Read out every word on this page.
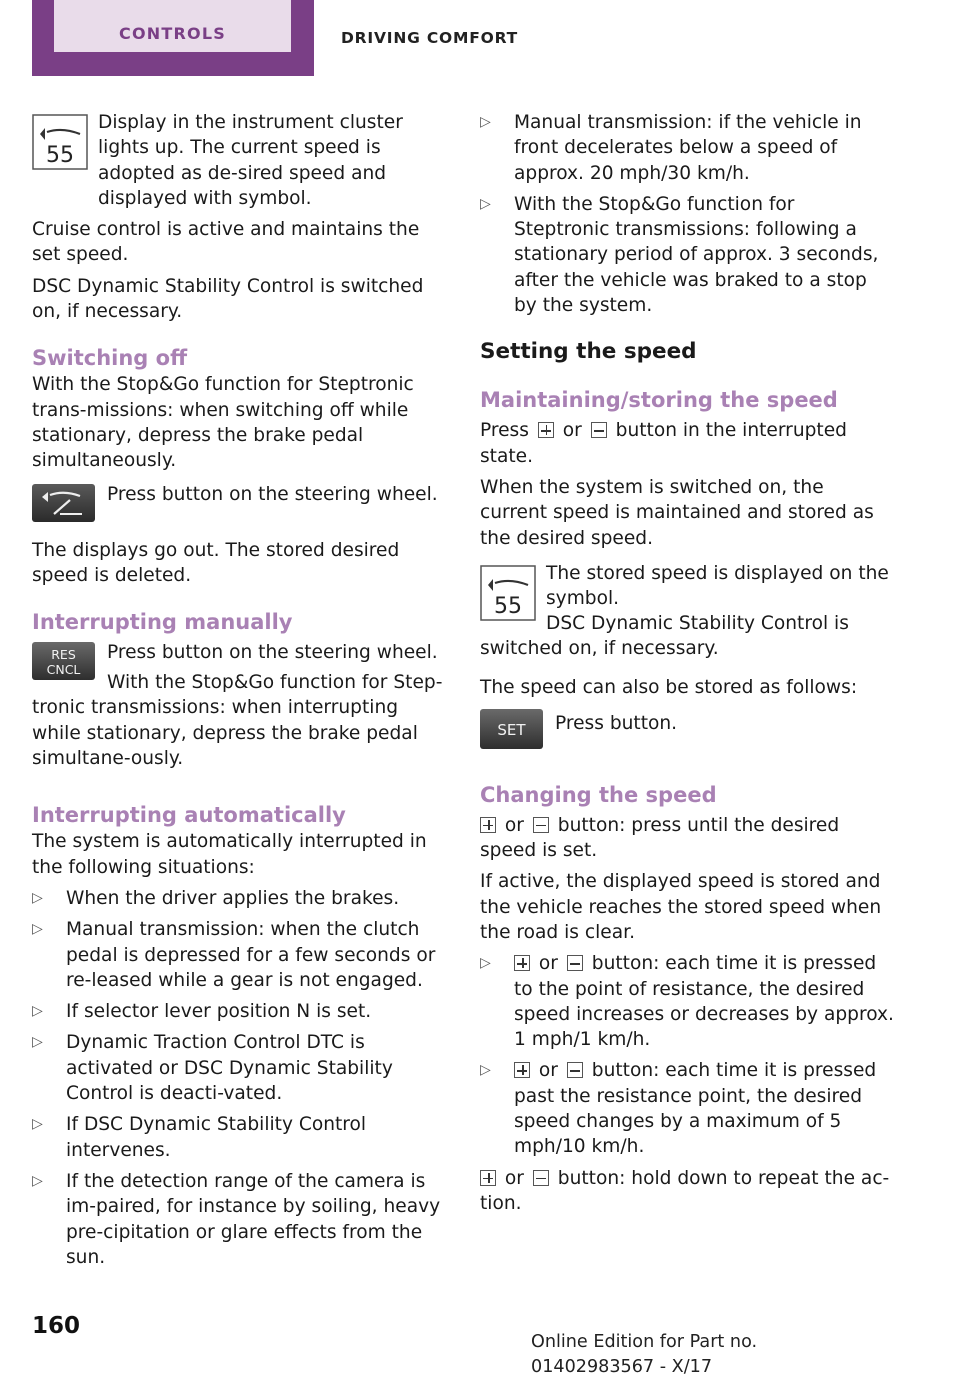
CONTROLS	DRIVING COMFORT
55

Display in the instrument cluster lights up. The current speed is adopted as de‐sired speed and displayed with symbol.

Cruise control is active and maintains the set speed.

DSC Dynamic Stability Control is switched on, if necessary.

Switching off

With the Stop&Go function for Steptronic trans‐missions: when switching off while stationary, depress the brake pedal simultaneously.

Press button on the steering wheel.

The displays go out. The stored desired speed is deleted.

Interrupting manually
RES
CNCL

Press button on the steering wheel.

With the Stop&Go function for Step‐tronic transmissions: when interrupting while stationary, depress the brake pedal simultane‐ously.

Interrupting automatically

The system is automatically interrupted in the following situations:

▷ When the driver applies the brakes.
▷ Manual transmission: when the clutch pedal is depressed for a few seconds or re‐leased while a gear is not engaged.
▷ If selector lever position N is set.
▷ Dynamic Traction Control DTC is activated or DSC Dynamic Stability Control is deacti‐vated.
▷ If DSC Dynamic Stability Control intervenes.
▷ If the detection range of the camera is im‐paired, for instance by soiling, heavy pre‐cipitation or glare effects from the sun.
▷ Manual transmission: if the vehicle in front decelerates below a speed of approx. 20 mph/30 km/h.
▷ With the Stop&Go function for Steptronic transmissions: following a stationary period of approx. 3 seconds, after the vehicle was braked to a stop by the system.
Setting the speed
Maintaining/storing the speed

Press or button in the interrupted state.

When the system is switched on, the current speed is maintained and stored as the desired speed.

55

The stored speed is displayed on the symbol.

DSC Dynamic Stability Control is switched on, if necessary.

The speed can also be stored as follows:

SET Press button.

Changing the speed

or button: press until the desired speed is set.

If active, the displayed speed is stored and the vehicle reaches the stored speed when the road is clear.

▷	or button: each time it is pressed to the point of resistance, the desired speed increases or decreases by approx. 1 mph/1 km/h.
▷	or button: each time it is pressed past the resistance point, the desired speed changes by a maximum of 5 mph/10 km/h.

or button: hold down to repeat the ac‐tion.

160
Online Edition for Part no. 01402983567 - X/17
